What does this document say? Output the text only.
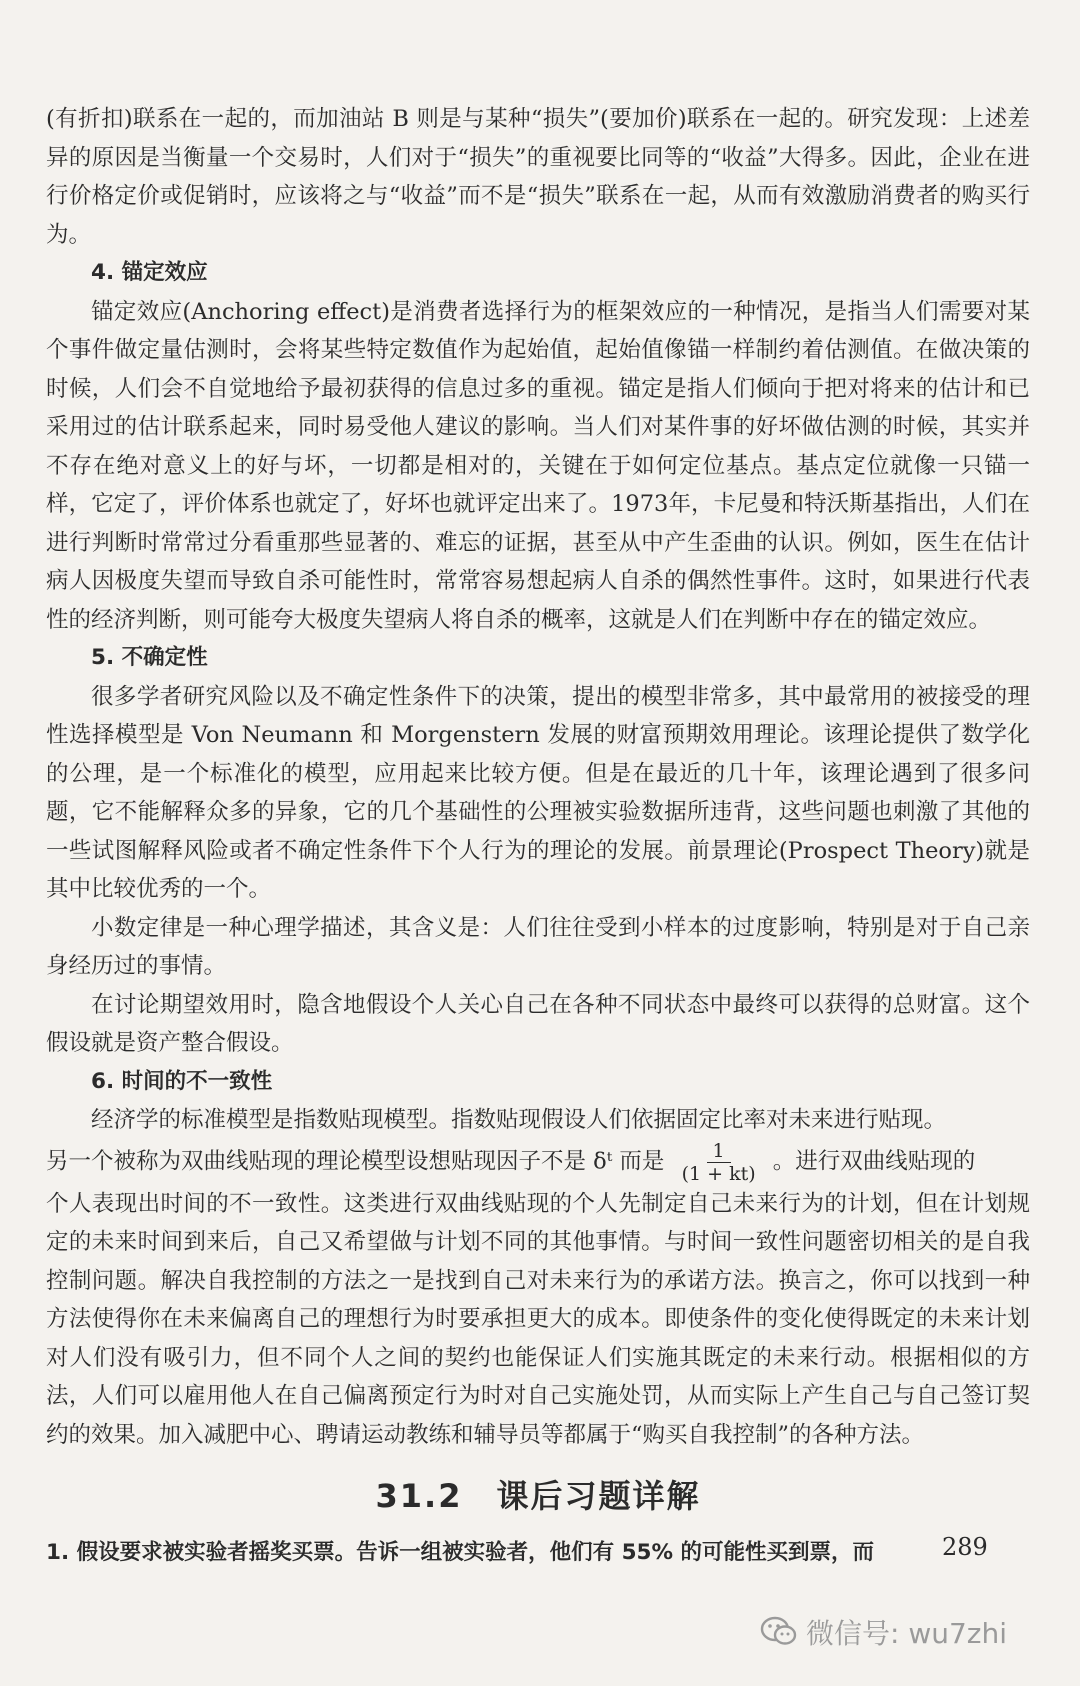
(有折扣)联系在一起的，而加油站 B 则是与某种“损失”(要加价)联系在一起的。研究发现：上述差异的原因是当衡量一个交易时，人们对于“损失”的重视要比同等的“收益”大得多。因此，企业在进行价格定价或促销时，应该将之与“收益”而不是“损失”联系在一起，从而有效激励消费者的购买行为。

4. 锚定效应

锚定效应(Anchoring effect)是消费者选择行为的框架效应的一种情况，是指当人们需要对某个事件做定量估测时，会将某些特定数值作为起始值，起始值像锚一样制约着估测值。在做决策的时候，人们会不自觉地给予最初获得的信息过多的重视。锚定是指人们倾向于把对将来的估计和已采用过的估计联系起来，同时易受他人建议的影响。当人们对某件事的好坏做估测的时候，其实并不存在绝对意义上的好与坏，一切都是相对的，关键在于如何定位基点。基点定位就像一只锚一样，它定了，评价体系也就定了，好坏也就评定出来了。1973年，卡尼曼和特沃斯基指出，人们在进行判断时常常过分看重那些显著的、难忘的证据，甚至从中产生歪曲的认识。例如，医生在估计病人因极度失望而导致自杀可能性时，常常容易想起病人自杀的偶然性事件。这时，如果进行代表性的经济判断，则可能夸大极度失望病人将自杀的概率，这就是人们在判断中存在的锚定效应。

5. 不确定性

很多学者研究风险以及不确定性条件下的决策，提出的模型非常多，其中最常用的被接受的理性选择模型是 Von Neumann 和 Morgenstern 发展的财富预期效用理论。该理论提供了数学化的公理，是一个标准化的模型，应用起来比较方便。但是在最近的几十年，该理论遇到了很多问题，它不能解释众多的异象，它的几个基础性的公理被实验数据所违背，这些问题也刺激了其他的一些试图解释风险或者不确定性条件下个人行为的理论的发展。前景理论(Prospect Theory)就是其中比较优秀的一个。

小数定律是一种心理学描述，其含义是：人们往往受到小样本的过度影响，特别是对于自己亲身经历过的事情。

在讨论期望效用时，隐含地假设个人关心自己在各种不同状态中最终可以获得的总财富。这个假设就是资产整合假设。

6. 时间的不一致性

经济学的标准模型是指数贴现模型。指数贴现假设人们依据固定比率对未来进行贴现。

另一个被称为双曲线贴现的理论模型设想贴现因子不是 δᵗ 而是 $\frac{1}{(1 + kt)}$ 。进行双曲线贴现的

个人表现出时间的不一致性。这类进行双曲线贴现的个人先制定自己未来行为的计划，但在计划规定的未来时间到来后，自己又希望做与计划不同的其他事情。与时间一致性问题密切相关的是自我控制问题。解决自我控制的方法之一是找到自己对未来行为的承诺方法。换言之，你可以找到一种方法使得你在未来偏离自己的理想行为时要承担更大的成本。即使条件的变化使得既定的未来计划对人们没有吸引力，但不同个人之间的契约也能保证人们实施其既定的未来行动。根据相似的方法，人们可以雇用他人在自己偏离预定行为时对自己实施处罚，从而实际上产生自己与自己签订契约的效果。加入减肥中心、聘请运动教练和辅导员等都属于“购买自我控制”的各种方法。

31.2　课后习题详解

1. 假设要求被实验者摇奖买票。告诉一组被实验者，他们有 55% 的可能性买到票，而	289
微信号: wu7zhi
